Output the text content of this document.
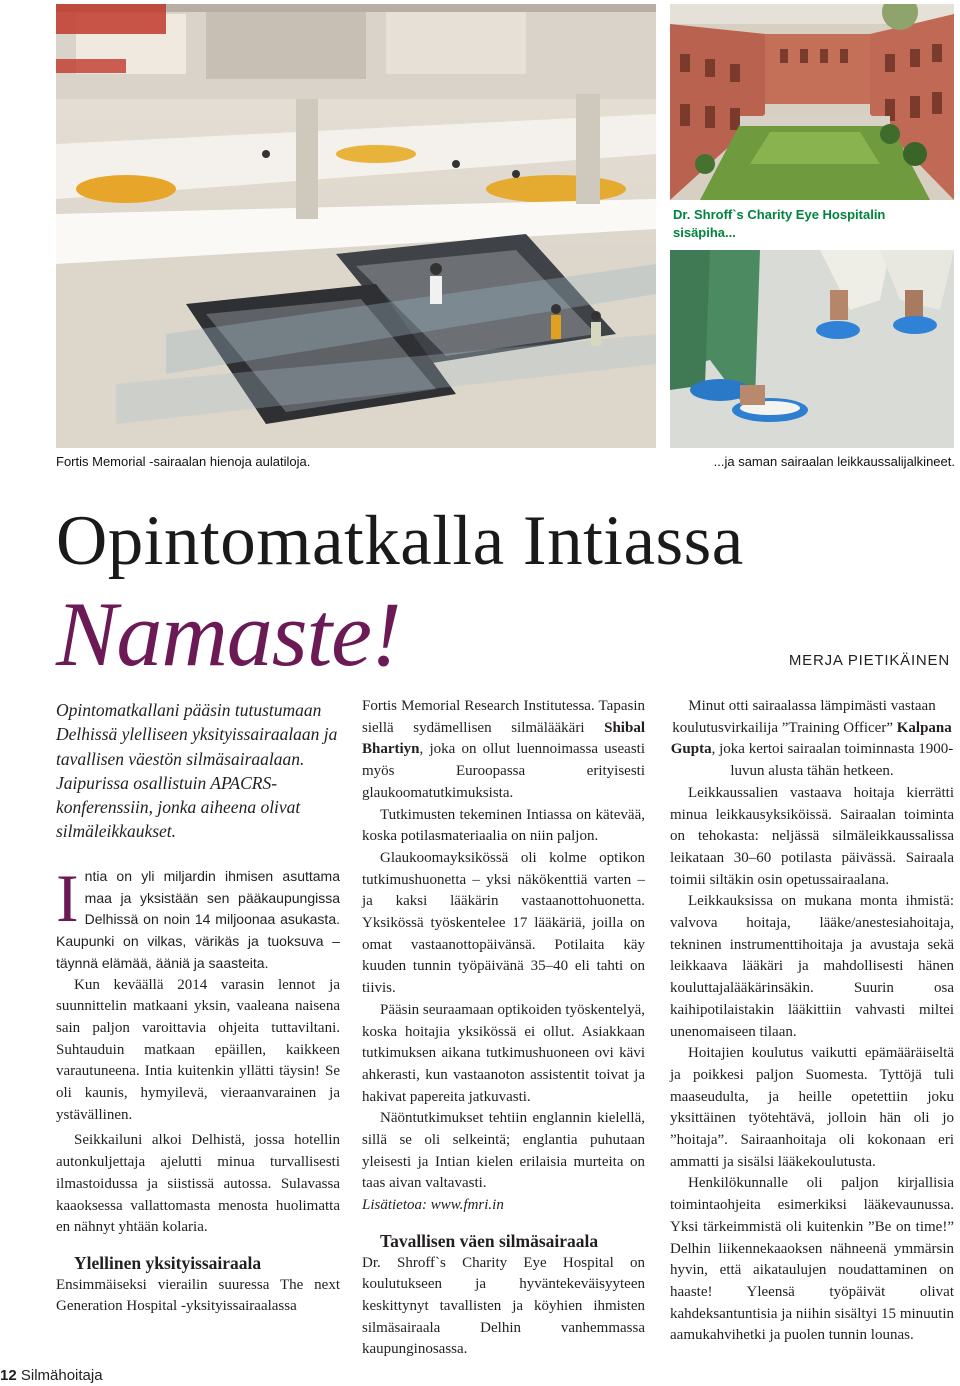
Fortis Memorial -sairaalan hienoja aulatiloja.
Dr. Shroff`s Charity Eye Hospitalin sisäpiha...
...ja saman sairaalan leikkaussalijalkineet.
Opintomatkalla Intiassa
Namaste!	MERJA PIETIKÄINEN
Opintomatkallani pääsin tutustumaan Delhissä ylelliseen yksityissairaalaan ja tavallisen väestön silmäsairaalaan. Jaipurissa osallistuin APACRS-konferenssiin, jonka aiheena olivat silmäleikkaukset.

Intia on yli miljardin ihmisen asuttama maa ja yksistään sen pääkaupungissa Delhissä on noin 14 miljoonaa asukasta. Kaupunki on vilkas, värikäs ja tuoksuva – täynnä elämää, ääniä ja saasteita.

Kun keväällä 2014 varasin lennot ja suunnittelin matkaani yksin, vaaleana naisena sain paljon varoittavia ohjeita tuttaviltani. Suhtauduin matkaan epäillen, kaikkeen varautuneena. Intia kuitenkin yllätti täysin! Se oli kaunis, hymyilevä, vieraanvarainen ja ystävällinen.

Seikkailuni alkoi Delhistä, jossa hotellin autonkuljettaja ajelutti minua turvallisesti ilmastoidussa ja siistissä autossa. Sulavassa kaaoksessa vallattomasta menosta huolimatta en nähnyt yhtään kolaria.

Ylellinen yksityissairaala

Ensimmäiseksi vierailin suuressa The next Generation Hospital -yksityissairaalassa

Fortis Memorial Research Institutessa. Tapasin siellä sydämellisen silmälääkäri Shibal Bhartiyn, joka on ollut luennoimassa useasti myös Euroopassa erityisesti glaukoomatutkimuksista.

Tutkimusten tekeminen Intiassa on kätevää, koska potilasmateriaalia on niin paljon.

Glaukoomayksikössä oli kolme optikon tutkimushuonetta – yksi näkökenttiä varten – ja kaksi lääkärin vastaanottohuonetta. Yksikössä työskentelee 17 lääkäriä, joilla on omat vastaanottopäivänsä. Potilaita käy kuuden tunnin työpäivänä 35–40 eli tahti on tiivis.

Pääsin seuraamaan optikoiden työskentelyä, koska hoitajia yksikössä ei ollut. Asiakkaan tutkimuksen aikana tutkimushuoneen ovi kävi ahkerasti, kun vastaanoton assistentit toivat ja hakivat papereita jatkuvasti.

Näöntutkimukset tehtiin englannin kielellä, sillä se oli selkeintä; englantia puhutaan yleisesti ja Intian kielen erilaisia murteita on taas aivan valtavasti.

Lisätietoa: www.fmri.in

Tavallisen väen silmäsairaala

Dr. Shroff`s Charity Eye Hospital on koulutukseen ja hyväntekeväisyyteen keskittynyt tavallisten ja köyhien ihmisten silmäsairaala Delhin vanhemmassa kaupunginosassa.

Minut otti sairaalassa lämpimästi vastaan koulutusvirkailija ”Training Officer” Kalpana Gupta, joka kertoi sairaalan toiminnasta 1900-luvun alusta tähän hetkeen.

Leikkaussalien vastaava hoitaja kierrätti minua leikkausyksiköissä. Sairaalan toiminta on tehokasta: neljässä silmäleikkaussalissa leikataan 30–60 potilasta päivässä. Sairaala toimii siltäkin osin opetussairaalana.

Leikkauksissa on mukana monta ihmistä: valvova hoitaja, lääke/anestesiahoitaja, tekninen instrumenttihoitaja ja avustaja sekä leikkaava lääkäri ja mahdollisesti hänen kouluttajalääkärinsäkin. Suurin osa kaihipotilaistakin lääkittiin vahvasti miltei unenomaiseen tilaan.

Hoitajien koulutus vaikutti epämääräiseltä ja poikkesi paljon Suomesta. Tyttöjä tuli maaseudulta, ja heille opetettiin joku yksittäinen työtehtävä, jolloin hän oli jo ”hoitaja”. Sairaanhoitaja oli kokonaan eri ammatti ja sisälsi lääkekoulutusta.

Henkilökunnalle oli paljon kirjallisia toimintaohjeita esimerkiksi lääkevaunussa. Yksi tärkeimmistä oli kuitenkin ”Be on time!” Delhin liikennekaaoksen nähneenä ymmärsin hyvin, että aikataulujen noudattaminen on haaste! Yleensä työpäivät olivat kahdeksantuntisia ja niihin sisältyi 15 minuutin aamukahvihetki ja puolen tunnin lounas.

12 Silmähoitaja
